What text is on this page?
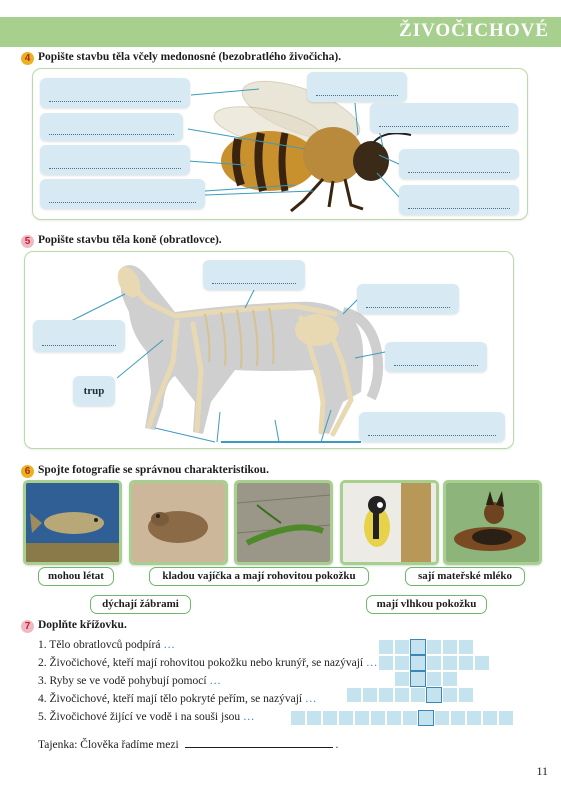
ŽIVOČICHOVÉ
4 Popište stavbu těla včely medonosné (bezobratlého živočicha).
5 Popište stavbu těla koně (obratlovce).
trup
6 Spojte fotografie se správnou charakteristikou.
mohou létat	kladou vajíčka a mají rohovitou pokožku	sají mateřské mléko
dýchají žábrami	mají vlhkou pokožku
7 Doplňte křížovku.
1. Tělo obratlovců podpírá …
2. Živočichové, kteří mají rohovitou pokožku nebo krunýř, se nazývají …
3. Ryby se ve vodě pohybují pomocí …
4. Živočichové, kteří mají tělo pokryté peřím, se nazývají …
5. Živočichové žijící ve vodě i na souši jsou …
Tajenka: Člověka řadíme mezi	.
11
